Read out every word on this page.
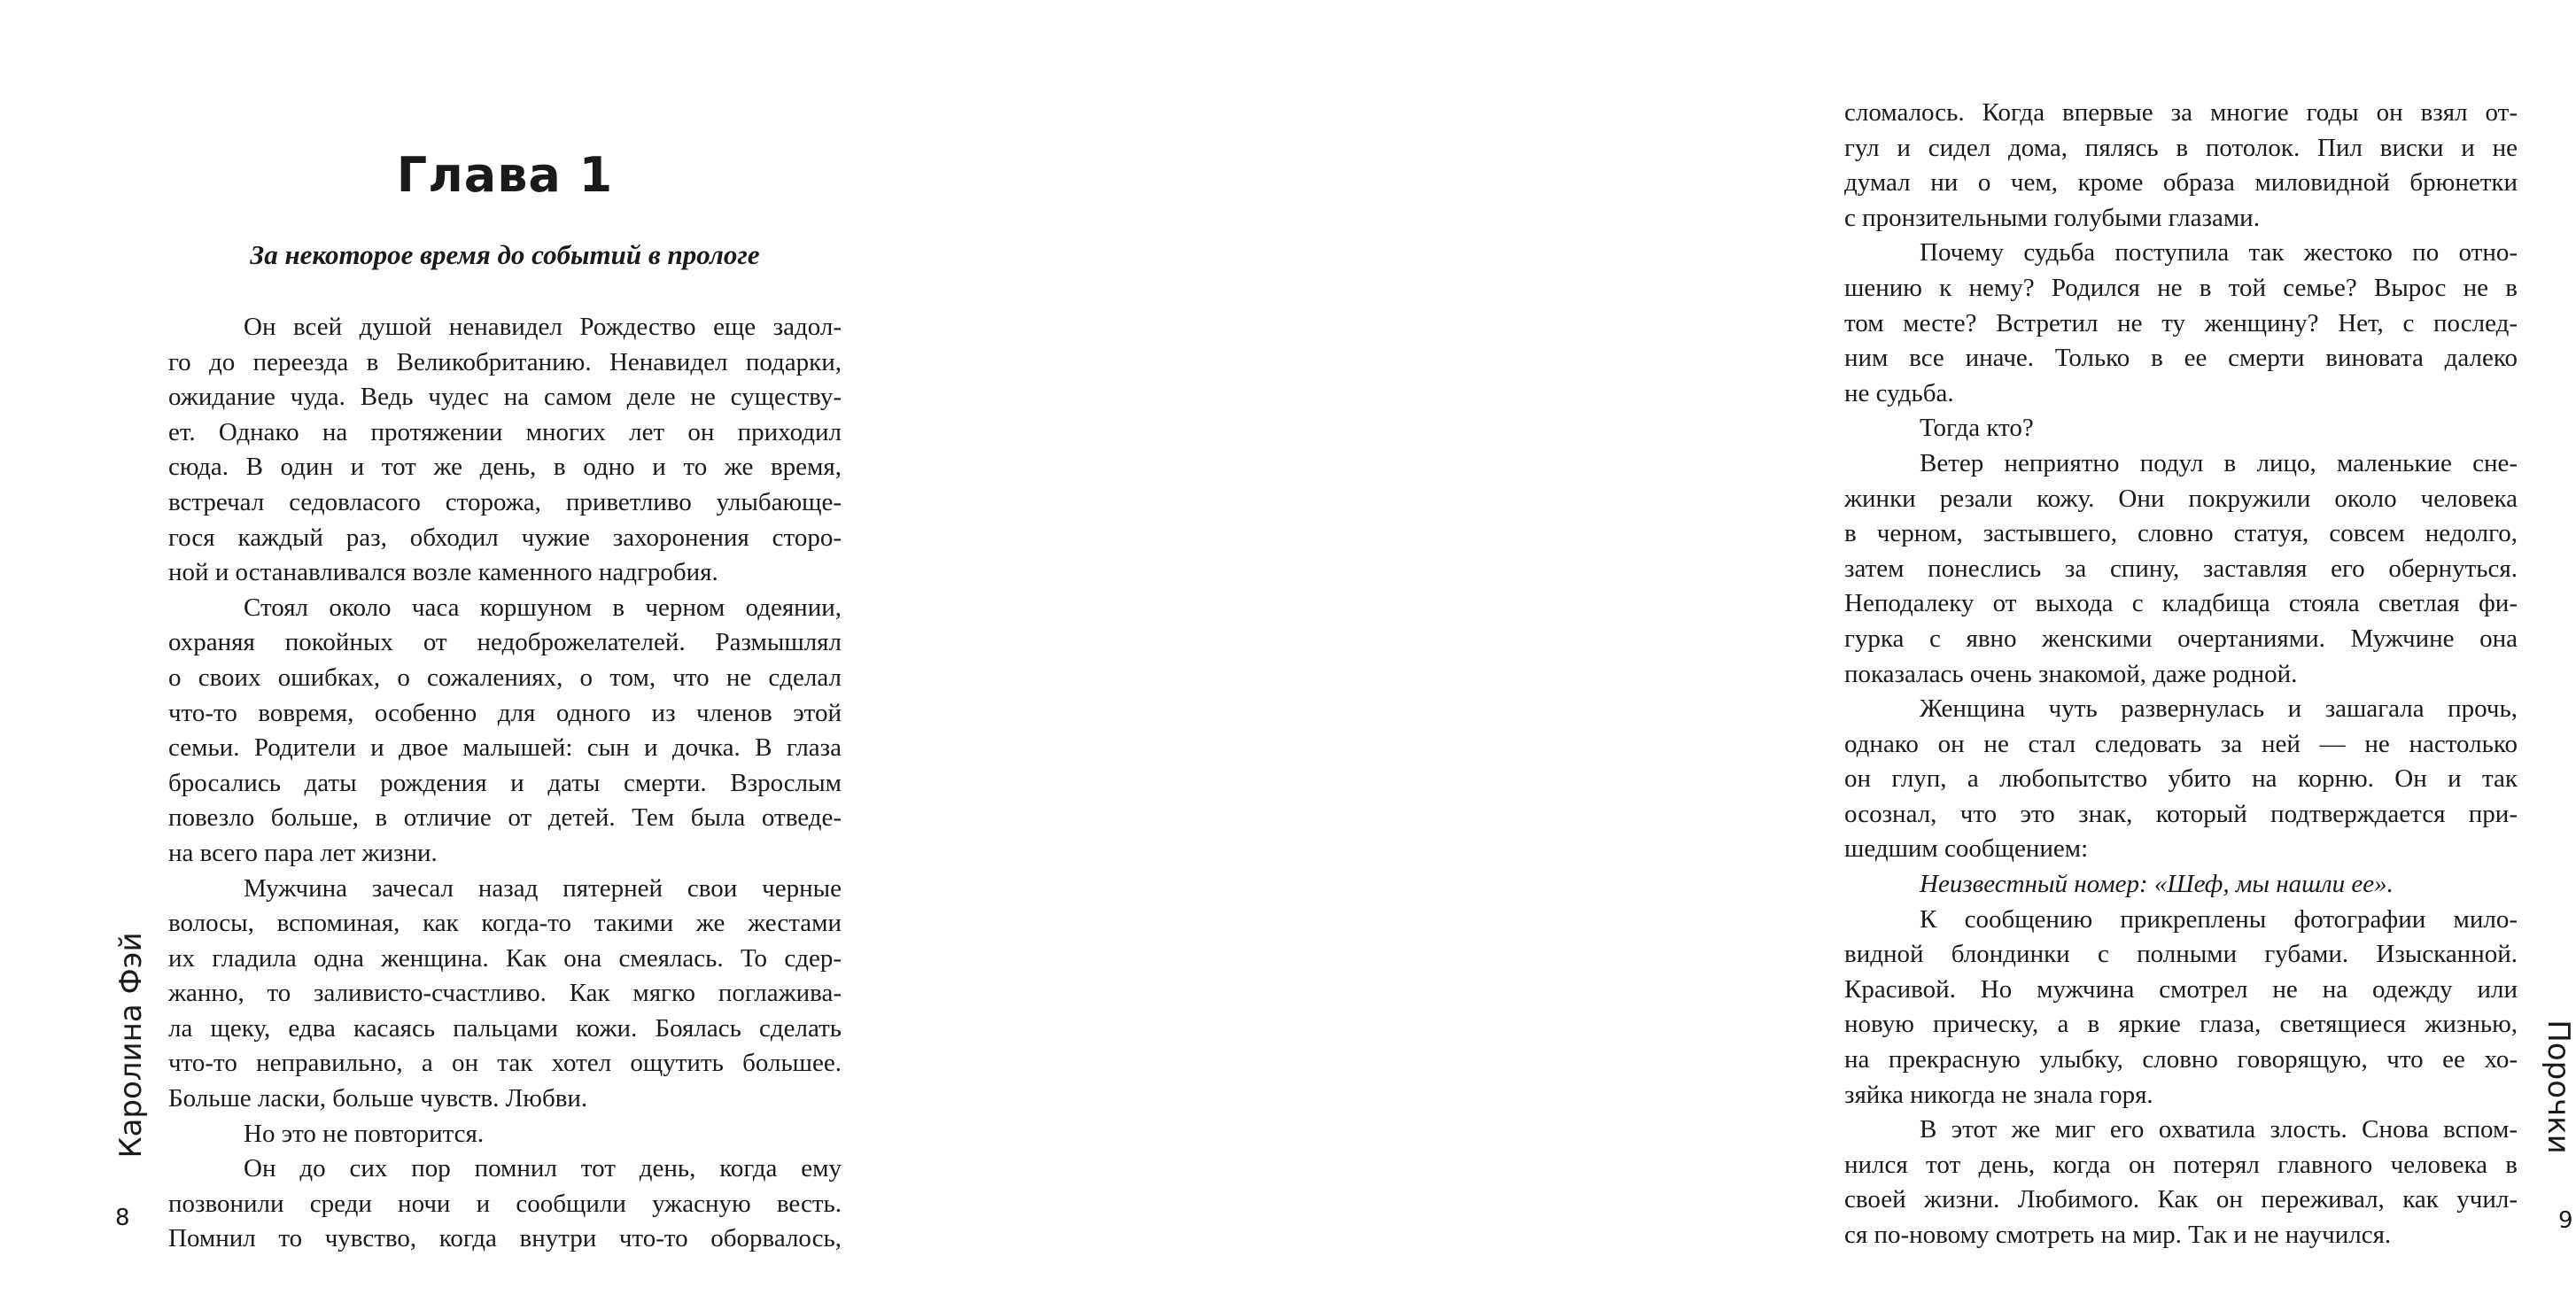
Глава 1
За некоторое время до событий в прологе
Он всей душой ненавидел Рождество еще задол-
го до переезда в Великобританию. Ненавидел подарки,
ожидание чуда. Ведь чудес на самом деле не существу-
ет. Однако на протяжении многих лет он приходил
сюда. В один и тот же день, в одно и то же время,
встречал седовласого сторожа, приветливо улыбающе-
гося каждый раз, обходил чужие захоронения сторо-
ной и останавливался возле каменного надгробия.
Стоял около часа коршуном в черном одеянии,
охраняя покойных от недоброжелателей. Размышлял
о своих ошибках, о сожалениях, о том, что не сделал
что-то вовремя, особенно для одного из членов этой
семьи. Родители и двое малышей: сын и дочка. В глаза
бросались даты рождения и даты смерти. Взрослым
повезло больше, в отличие от детей. Тем была отведе-
на всего пара лет жизни.
Мужчина зачесал назад пятерней свои черные
волосы, вспоминая, как когда-то такими же жестами
их гладила одна женщина. Как она смеялась. То сдер-
жанно, то заливисто-счастливо. Как мягко поглажива-
ла щеку, едва касаясь пальцами кожи. Боялась сделать
что-то неправильно, а он так хотел ощутить большее.
Больше ласки, больше чувств. Любви.
Но это не повторится.
Он до сих пор помнил тот день, когда ему
позвонили среди ночи и сообщили ужасную весть.
Помнил то чувство, когда внутри что-то оборвалось,
Каролина Фэй
8
сломалось. Когда впервые за многие годы он взял от-
гул и сидел дома, пялясь в потолок. Пил виски и не
думал ни о чем, кроме образа миловидной брюнетки
с пронзительными голубыми глазами.
Почему судьба поступила так жестоко по отно-
шению к нему? Родился не в той семье? Вырос не в
том месте? Встретил не ту женщину? Нет, с послед-
ним все иначе. Только в ее смерти виновата далеко
не судьба.
Тогда кто?
Ветер неприятно подул в лицо, маленькие сне-
жинки резали кожу. Они покружили около человека
в черном, застывшего, словно статуя, совсем недолго,
затем понеслись за спину, заставляя его обернуться.
Неподалеку от выхода с кладбища стояла светлая фи-
гурка с явно женскими очертаниями. Мужчине она
показалась очень знакомой, даже родной.
Женщина чуть развернулась и зашагала прочь,
однако он не стал следовать за ней — не настолько
он глуп, а любопытство убито на корню. Он и так
осознал, что это знак, который подтверждается при-
шедшим сообщением:
Неизвестный номер: «Шеф, мы нашли ее».
К сообщению прикреплены фотографии мило-
видной блондинки с полными губами. Изысканной.
Красивой. Но мужчина смотрел не на одежду или
новую прическу, а в яркие глаза, светящиеся жизнью,
на прекрасную улыбку, словно говорящую, что ее хо-
зяйка никогда не знала горя.
В этот же миг его охватила злость. Снова вспом-
нился тот день, когда он потерял главного человека в
своей жизни. Любимого. Как он переживал, как учил-
ся по-новому смотреть на мир. Так и не научился.
Порочки
9
